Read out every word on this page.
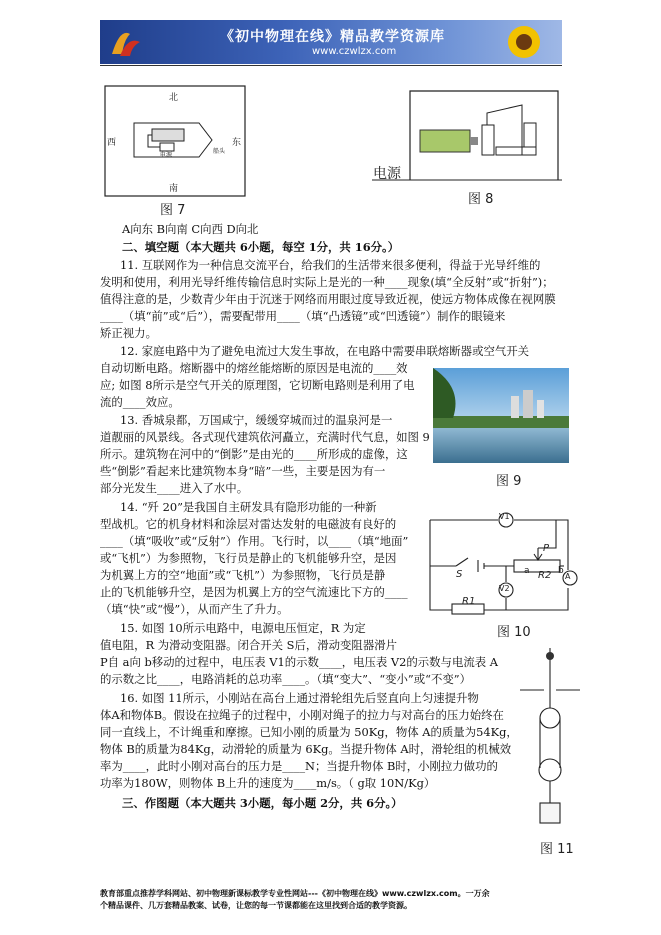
《初中物理在线》精品教学资源库
www.czwlzx.com
北
南
西	东
电源
船头
图 7
电源
图 8
图 9
V1
V2
A
S
P
R1
R2
a	b
图 10
图 11
A向东 B向南 C向西 D向北
二、填空题（本大题共 6小题，每空 1分，共 16分。）
11. 互联网作为一种信息交流平台，给我们的生活带来很多便利，得益于光导纤维的
发明和使用，利用光导纤维传输信息时实际上是光的一种____现象(填“全反射”或“折射”)；
值得注意的是，少数青少年由于沉迷于网络而用眼过度导致近视，使远方物体成像在视网膜
____（填“前”或“后”），需要配带用____（填“凸透镜”或“凹透镜”）制作的眼镜来
矫正视力。
12. 家庭电路中为了避免电流过大发生事故，在电路中需要串联熔断器或空气开关
自动切断电路。熔断器中的熔丝能熔断的原因是电流的____效
应; 如图 8所示是空气开关的原理图，它切断电路则是利用了电
流的____效应。
13. 香城泉都，万国咸宁，缓缓穿城而过的温泉河是一
道靓丽的风景线。各式现代建筑依河矗立，充满时代气息，如图 9
所示。建筑物在河中的“倒影”是由光的____所形成的虚像，这
些“倒影”看起来比建筑物本身“暗”一些，主要是因为有一
部分光发生____进入了水中。
14. “歼 20”是我国自主研发具有隐形功能的一种新
型战机。它的机身材料和涂层对雷达发射的电磁波有良好的
____（填“吸收”或“反射”）作用。飞行时，以____（填“地面”
或“飞机”）为参照物，飞行员是静止的飞机能够升空，是因
为机翼上方的空“地面”或“飞机”）为参照物，飞行员是静
止的飞机能够升空，是因为机翼上方的空气流速比下方的____
（填“快”或“慢”），从而产生了升力。
15. 如图 10所示电路中，电源电压恒定，R 为定
值电阻，R 为滑动变阻器。闭合开关 S后，滑动变阻器滑片
P自 a向 b移动的过程中，电压表 V1的示数____，电压表 V2的示数与电流表 A
的示数之比____，电路消耗的总功率____。（填“变大”、“变小”或“不变”）
16. 如图 11所示，小刚站在高台上通过滑轮组先后竖直向上匀速提升物
体A和物体B。假设在拉绳子的过程中，小刚对绳子的拉力与对高台的压力始终在
同一直线上，不计绳重和摩擦。已知小刚的质量为 50Kg，物体 A的质量为54Kg，
物体 B的质量为84Kg，动滑轮的质量为 6Kg。当提升物体 A时，滑轮组的机械效
率为____，此时小刚对高台的压力是____N；当提升物体 B时，小刚拉力做功的
功率为180W，则物体 B上升的速度为____m/s。（ g取 10N/Kg）
三、作图题（本大题共 3小题，每小题 2分，共 6分。）
教育部重点推荐学科网站、初中物理新课标教学专业性网站---《初中物理在线》www.czwlzx.com。一万余
个精品课件、几万套精品教案、试卷，让您的每一节课都能在这里找到合适的教学资源。
